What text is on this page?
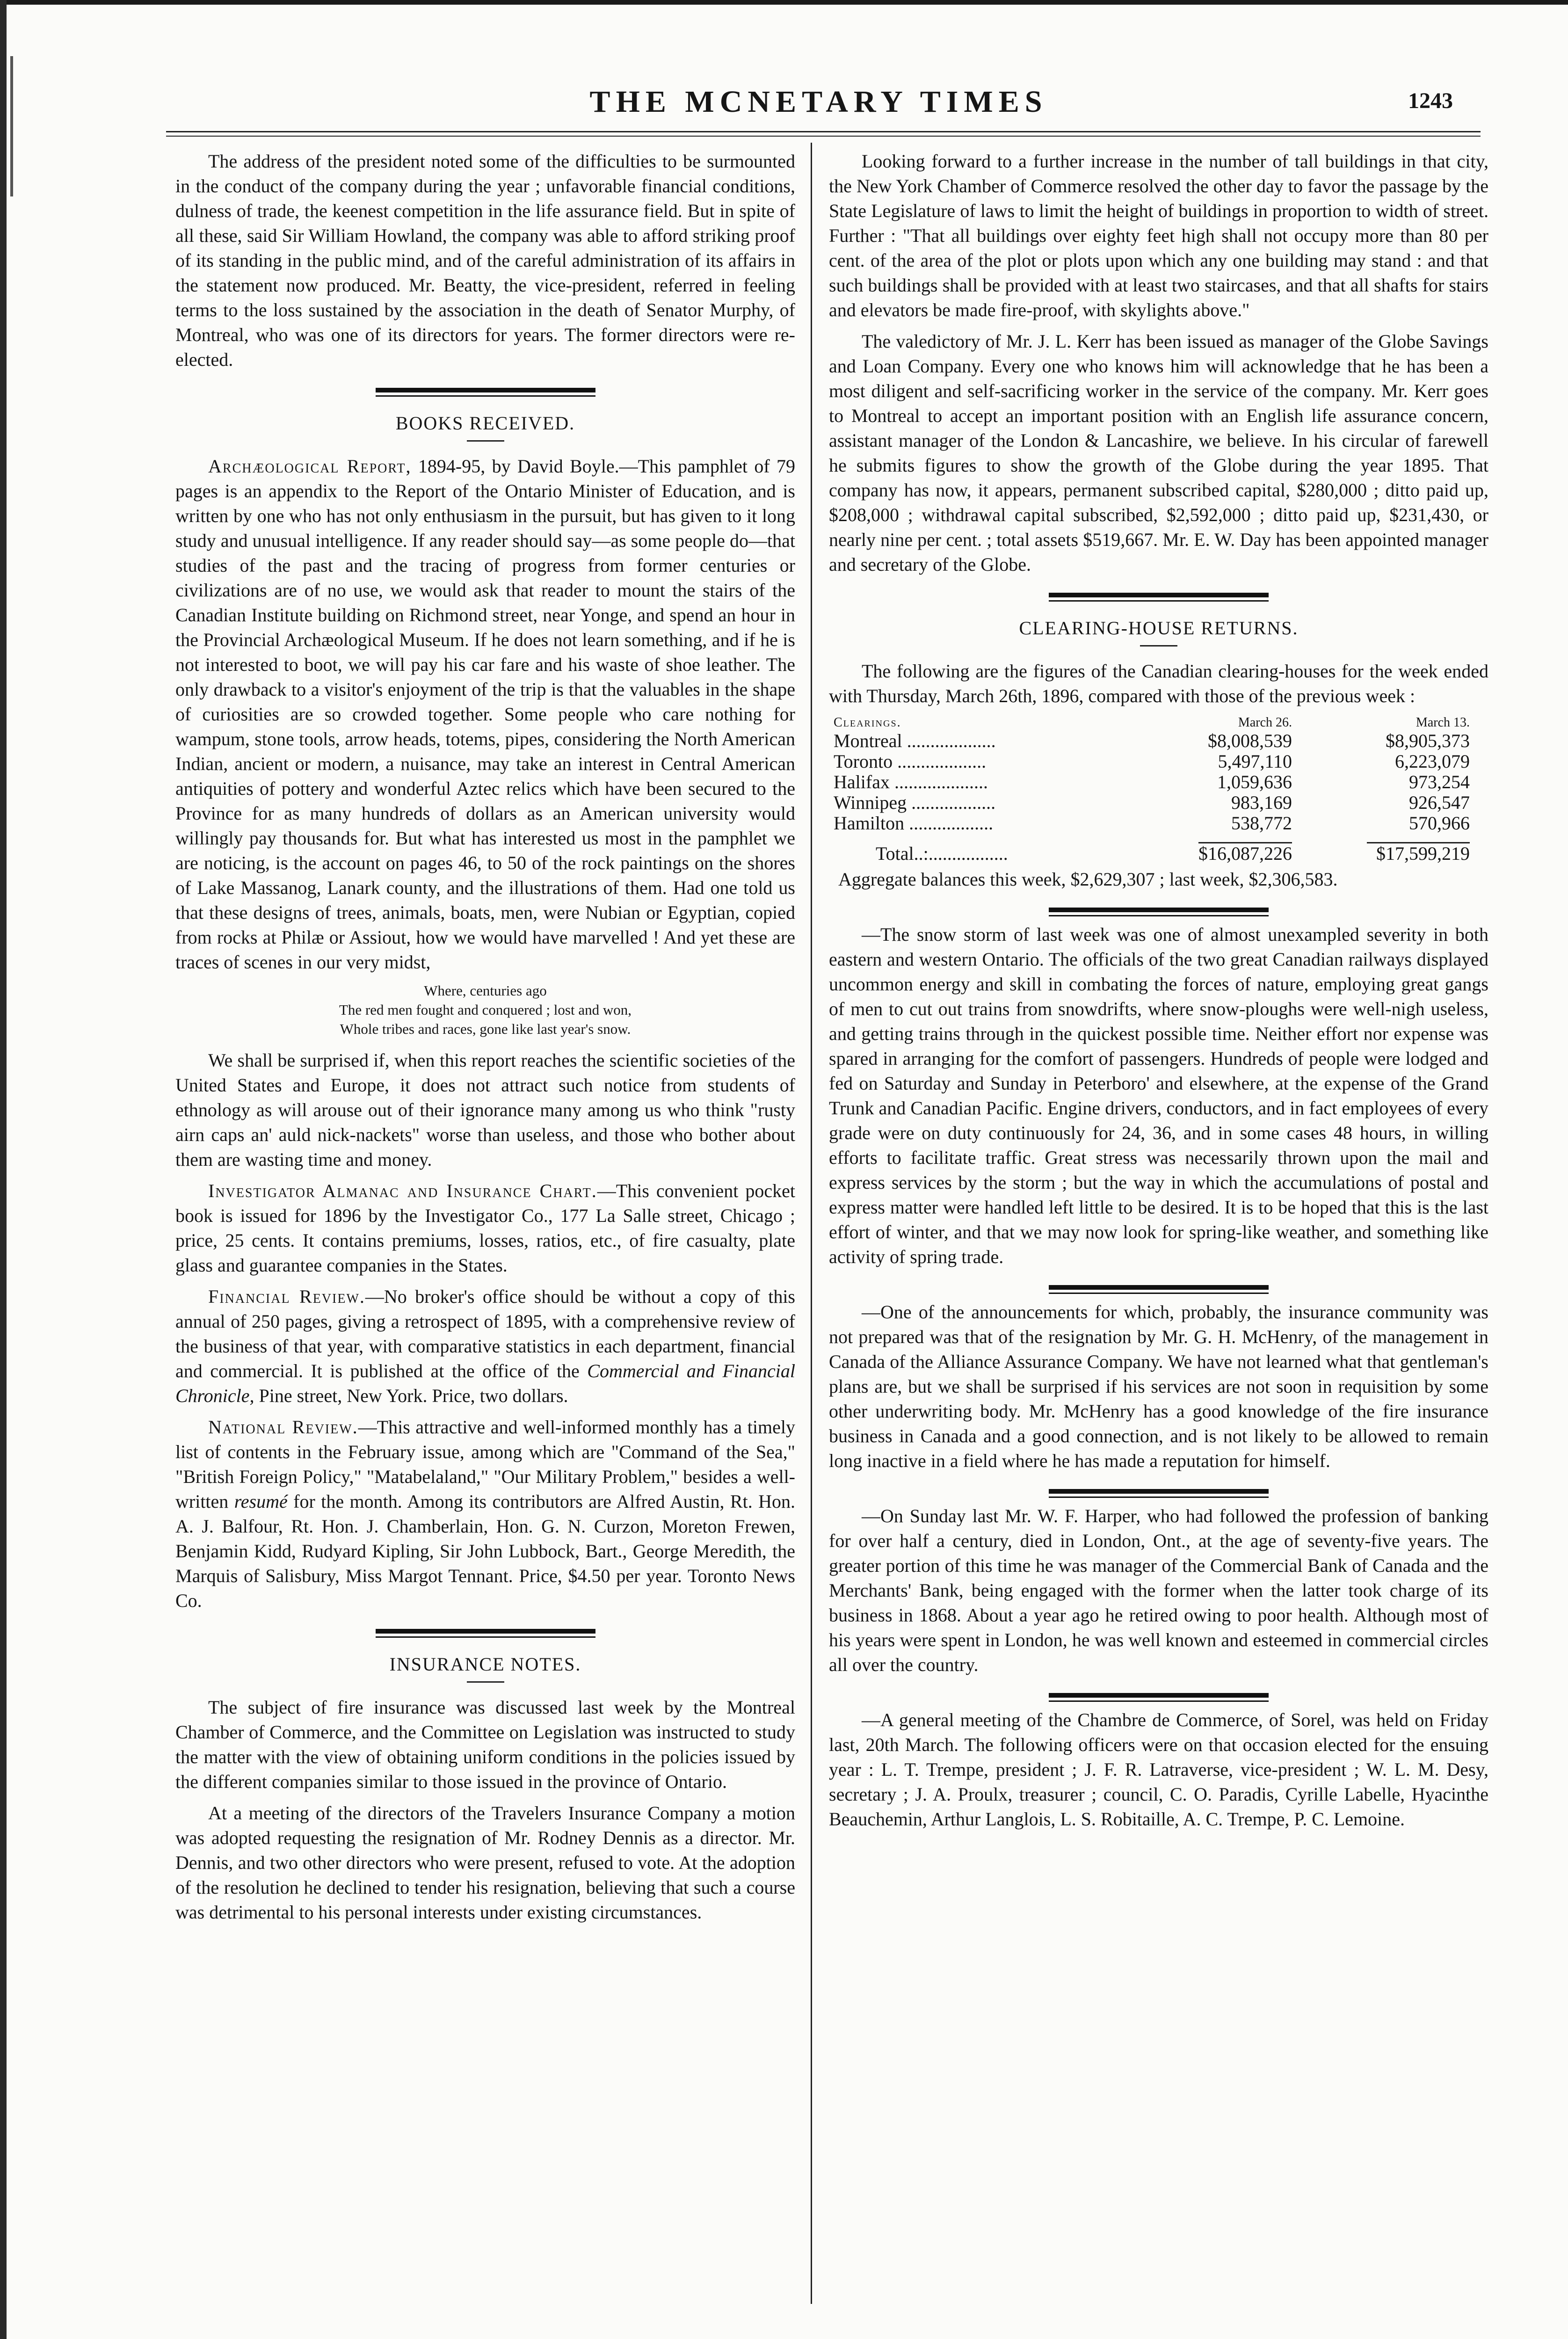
THE MCNETARY TIMES	1243

The address of the president noted some of the difficulties to be surmounted in the conduct of the company during the year ; unfavorable financial conditions, dulness of trade, the keenest competition in the life assurance field. But in spite of all these, said Sir William Howland, the company was able to afford striking proof of its standing in the public mind, and of the careful administration of its affairs in the statement now produced. Mr. Beatty, the vice-president, referred in feeling terms to the loss sustained by the association in the death of Senator Murphy, of Montreal, who was one of its directors for years. The former directors were re-elected.

BOOKS RECEIVED.

Archæological Report, 1894-95, by David Boyle.—This pamphlet of 79 pages is an appendix to the Report of the Ontario Minister of Education, and is written by one who has not only enthusiasm in the pursuit, but has given to it long study and unusual intelligence. If any reader should say—as some people do—that studies of the past and the tracing of progress from former centuries or civilizations are of no use, we would ask that reader to mount the stairs of the Canadian Institute building on Richmond street, near Yonge, and spend an hour in the Provincial Archæological Museum. If he does not learn something, and if he is not interested to boot, we will pay his car fare and his waste of shoe leather. The only drawback to a visitor's enjoyment of the trip is that the valuables in the shape of curiosities are so crowded together. Some people who care nothing for wampum, stone tools, arrow heads, totems, pipes, considering the North American Indian, ancient or modern, a nuisance, may take an interest in Central American antiquities of pottery and wonderful Aztec relics which have been secured to the Province for as many hundreds of dollars as an American university would willingly pay thousands for. But what has interested us most in the pamphlet we are noticing, is the account on pages 46, to 50 of the rock paintings on the shores of Lake Massanog, Lanark county, and the illustrations of them. Had one told us that these designs of trees, animals, boats, men, were Nubian or Egyptian, copied from rocks at Philæ or Assiout, how we would have marvelled ! And yet these are traces of scenes in our very midst,

Where, centuries ago
The red men fought and conquered ; lost and won,
Whole tribes and races, gone like last year's snow.

We shall be surprised if, when this report reaches the scientific societies of the United States and Europe, it does not attract such notice from students of ethnology as will arouse out of their ignorance many among us who think "rusty airn caps an' auld nick-nackets" worse than useless, and those who bother about them are wasting time and money.

Investigator Almanac and Insurance Chart.—This convenient pocket book is issued for 1896 by the Investigator Co., 177 La Salle street, Chicago ; price, 25 cents. It contains premiums, losses, ratios, etc., of fire casualty, plate glass and guarantee companies in the States.

Financial Review.—No broker's office should be without a copy of this annual of 250 pages, giving a retrospect of 1895, with a comprehensive review of the business of that year, with comparative statistics in each department, financial and commercial. It is published at the office of the Commercial and Financial Chronicle, Pine street, New York. Price, two dollars.

National Review.—This attractive and well-informed monthly has a timely list of contents in the February issue, among which are "Command of the Sea," "British Foreign Policy," "Matabelaland," "Our Military Problem," besides a well-written resumé for the month. Among its contributors are Alfred Austin, Rt. Hon. A. J. Balfour, Rt. Hon. J. Chamberlain, Hon. G. N. Curzon, Moreton Frewen, Benjamin Kidd, Rudyard Kipling, Sir John Lubbock, Bart., George Meredith, the Marquis of Salisbury, Miss Margot Tennant. Price, $4.50 per year. Toronto News Co.

INSURANCE NOTES.

The subject of fire insurance was discussed last week by the Montreal Chamber of Commerce, and the Committee on Legislation was instructed to study the matter with the view of obtaining uniform conditions in the policies issued by the different companies similar to those issued in the province of Ontario.

At a meeting of the directors of the Travelers Insurance Company a motion was adopted requesting the resignation of Mr. Rodney Dennis as a director. Mr. Dennis, and two other directors who were present, refused to vote. At the adoption of the resolution he declined to tender his resignation, believing that such a course was detrimental to his personal interests under existing circumstances.

Looking forward to a further increase in the number of tall buildings in that city, the New York Chamber of Commerce resolved the other day to favor the passage by the State Legislature of laws to limit the height of buildings in proportion to width of street. Further : "That all buildings over eighty feet high shall not occupy more than 80 per cent. of the area of the plot or plots upon which any one building may stand : and that such buildings shall be provided with at least two staircases, and that all shafts for stairs and elevators be made fire-proof, with skylights above."

The valedictory of Mr. J. L. Kerr has been issued as manager of the Globe Savings and Loan Company. Every one who knows him will acknowledge that he has been a most diligent and self-sacrificing worker in the service of the company. Mr. Kerr goes to Montreal to accept an important position with an English life assurance concern, assistant manager of the London & Lancashire, we believe. In his circular of farewell he submits figures to show the growth of the Globe during the year 1895. That company has now, it appears, permanent subscribed capital, $280,000 ; ditto paid up, $208,000 ; withdrawal capital subscribed, $2,592,000 ; ditto paid up, $231,430, or nearly nine per cent. ; total assets $519,667. Mr. E. W. Day has been appointed manager and secretary of the Globe.

CLEARING-HOUSE RETURNS.

The following are the figures of the Canadian clearing-houses for the week ended with Thursday, March 26th, 1896, compared with those of the previous week :

Clearings.	March 26.	March 13.
Montreal ...................	$8,008,539	$8,905,373
Toronto ...................	5,497,110	6,223,079
Halifax ....................	1,059,636	973,254
Winnipeg ..................	983,169	926,547
Hamilton ..................	538,772	570,966

Total..:.................	$16,087,226	$17,599,219
Aggregate balances this week, $2,629,307 ; last week, $2,306,583.

—The snow storm of last week was one of almost unexampled severity in both eastern and western Ontario. The officials of the two great Canadian railways displayed uncommon energy and skill in combating the forces of nature, employing great gangs of men to cut out trains from snowdrifts, where snow-ploughs were well-nigh useless, and getting trains through in the quickest possible time. Neither effort nor expense was spared in arranging for the comfort of passengers. Hundreds of people were lodged and fed on Saturday and Sunday in Peterboro' and elsewhere, at the expense of the Grand Trunk and Canadian Pacific. Engine drivers, conductors, and in fact employees of every grade were on duty continuously for 24, 36, and in some cases 48 hours, in willing efforts to facilitate traffic. Great stress was necessarily thrown upon the mail and express services by the storm ; but the way in which the accumulations of postal and express matter were handled left little to be desired. It is to be hoped that this is the last effort of winter, and that we may now look for spring-like weather, and something like activity of spring trade.

—One of the announcements for which, probably, the insurance community was not prepared was that of the resignation by Mr. G. H. McHenry, of the management in Canada of the Alliance Assurance Company. We have not learned what that gentleman's plans are, but we shall be surprised if his services are not soon in requisition by some other underwriting body. Mr. McHenry has a good knowledge of the fire insurance business in Canada and a good connection, and is not likely to be allowed to remain long inactive in a field where he has made a reputation for himself.

—On Sunday last Mr. W. F. Harper, who had followed the profession of banking for over half a century, died in London, Ont., at the age of seventy-five years. The greater portion of this time he was manager of the Commercial Bank of Canada and the Merchants' Bank, being engaged with the former when the latter took charge of its business in 1868. About a year ago he retired owing to poor health. Although most of his years were spent in London, he was well known and esteemed in commercial circles all over the country.

—A general meeting of the Chambre de Commerce, of Sorel, was held on Friday last, 20th March. The following officers were on that occasion elected for the ensuing year : L. T. Trempe, president ; J. F. R. Latraverse, vice-president ; W. L. M. Desy, secretary ; J. A. Proulx, treasurer ; council, C. O. Paradis, Cyrille Labelle, Hyacinthe Beauchemin, Arthur Langlois, L. S. Robitaille, A. C. Trempe, P. C. Lemoine.
